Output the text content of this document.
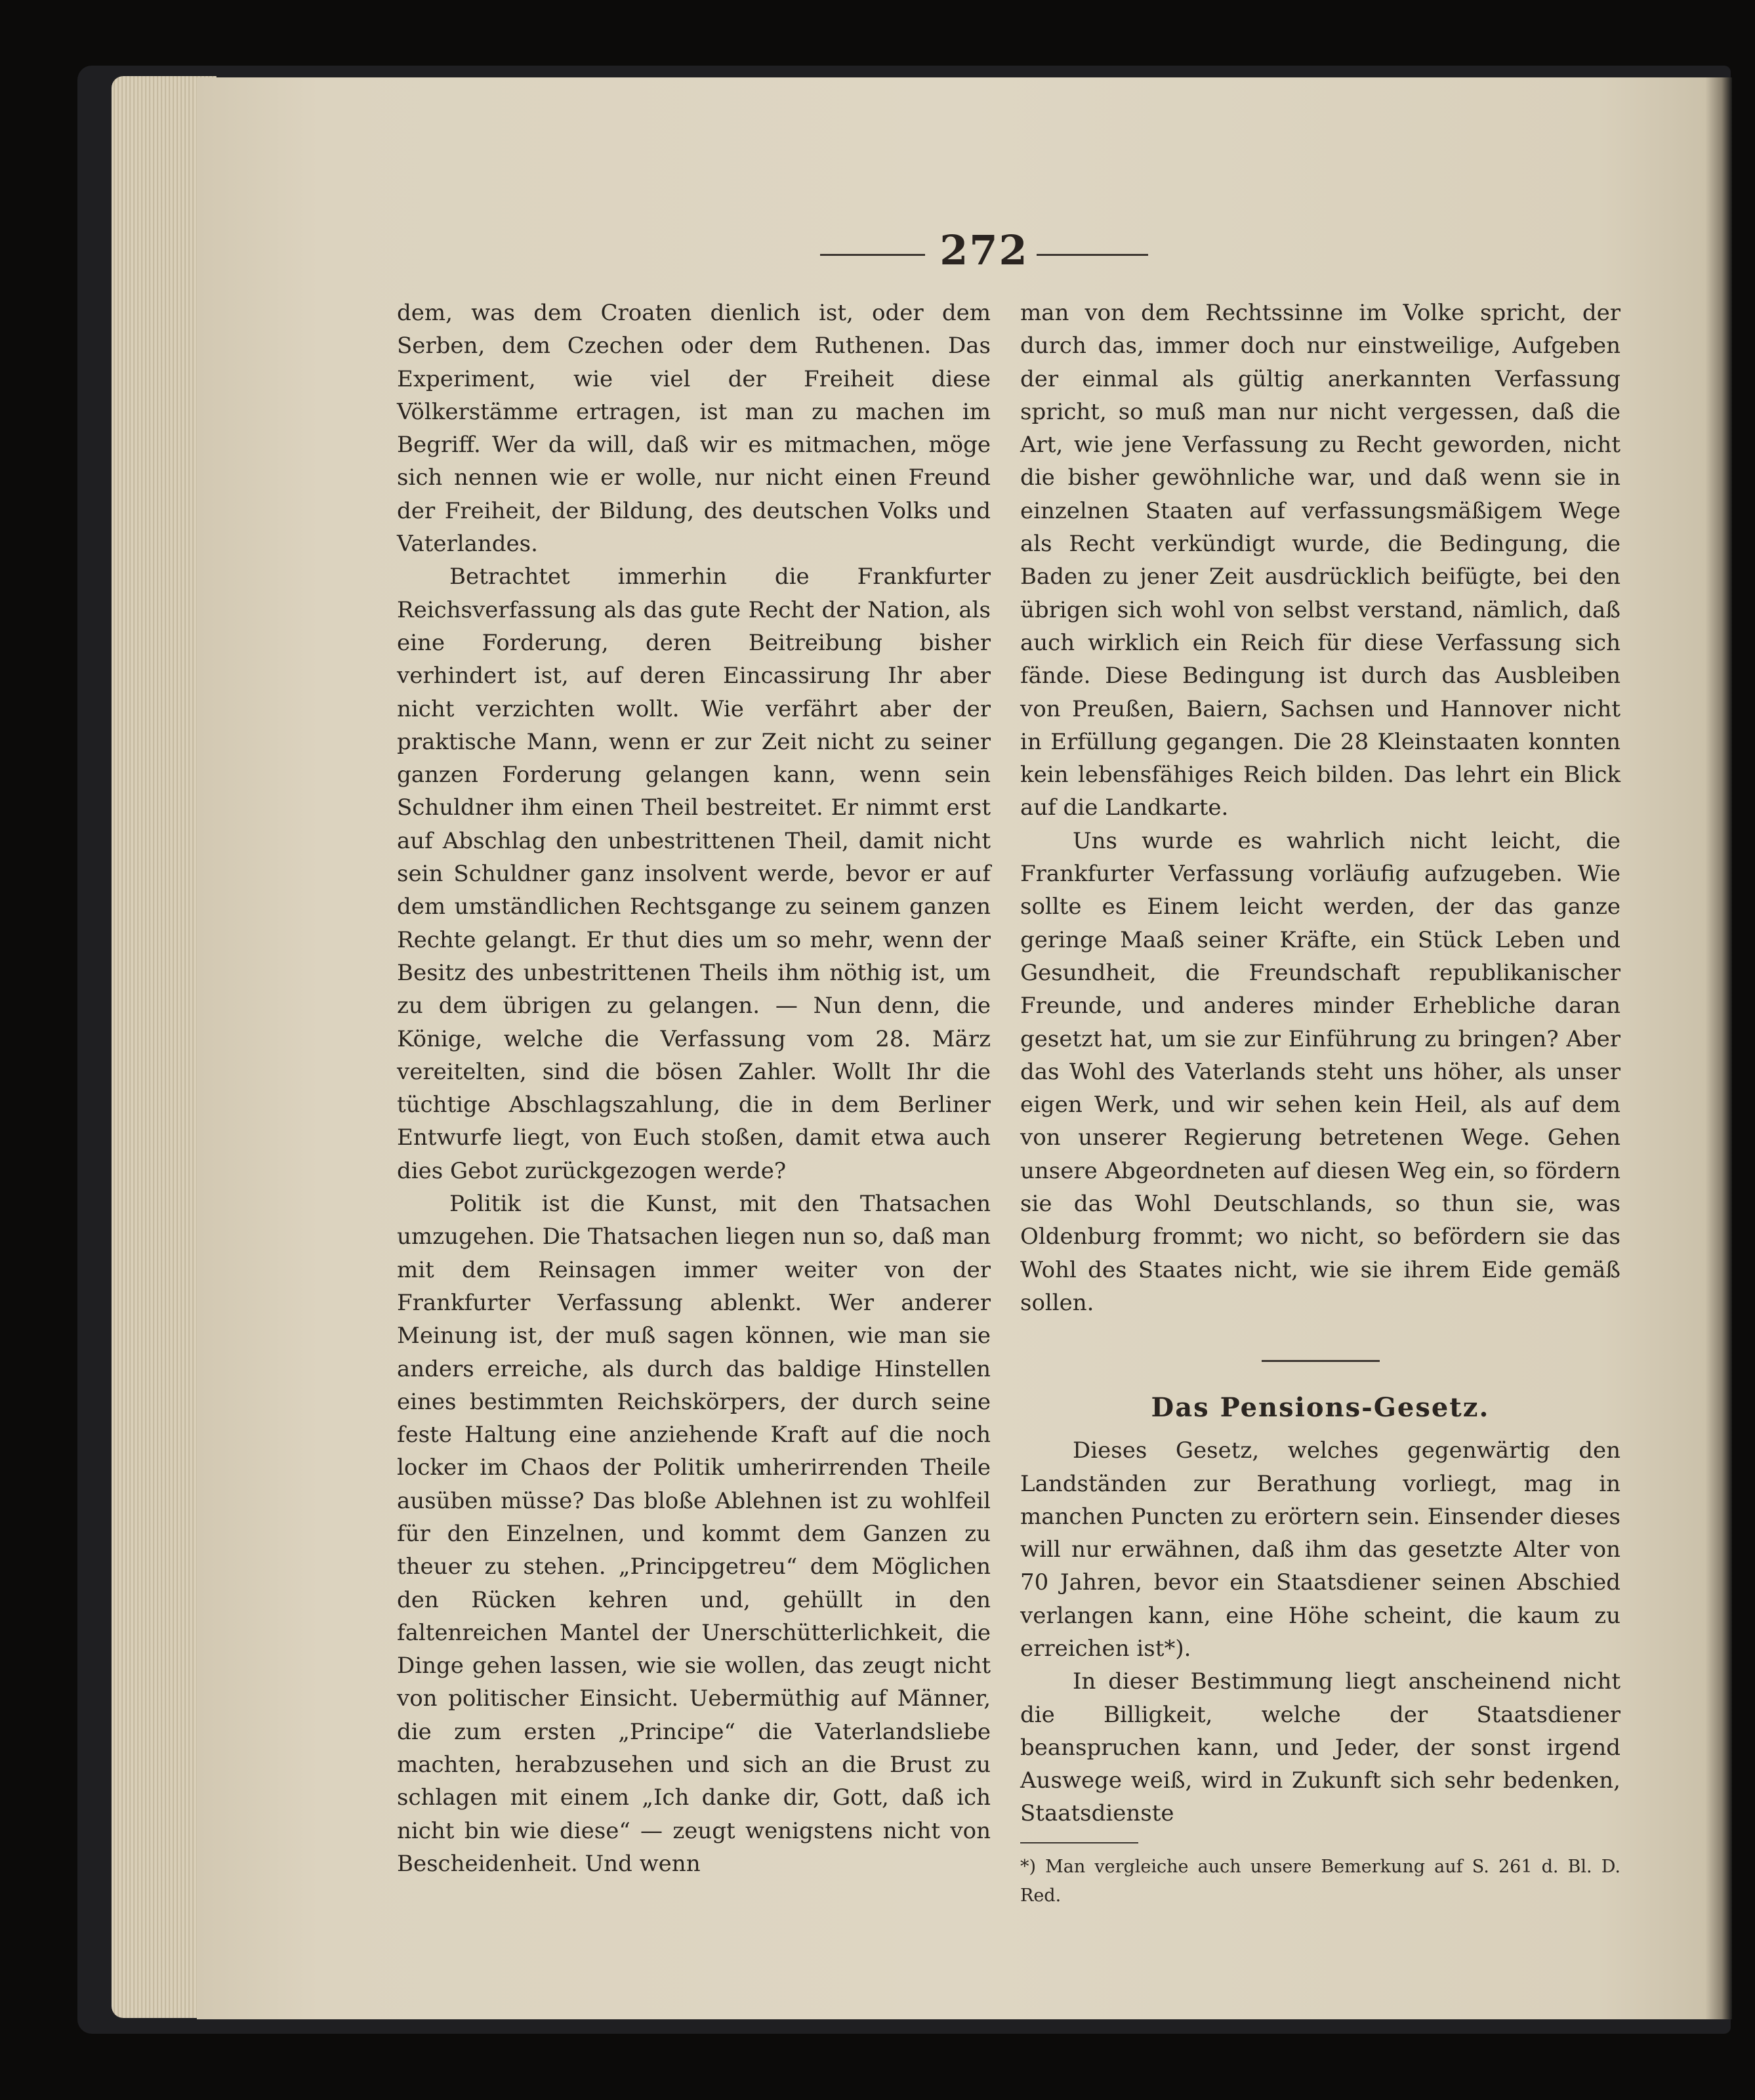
272

dem, was dem Croaten dienlich ist, oder dem Serben, dem Czechen oder dem Ruthenen. Das Experiment, wie viel der Freiheit diese Völkerstämme ertragen, ist man zu machen im Begriff. Wer da will, daß wir es mitmachen, möge sich nennen wie er wolle, nur nicht einen Freund der Freiheit, der Bildung, des deutschen Volks und Vaterlandes.

Betrachtet immerhin die Frankfurter Reichsverfassung als das gute Recht der Nation, als eine Forderung, deren Beitreibung bisher verhindert ist, auf deren Eincassirung Ihr aber nicht verzichten wollt. Wie verfährt aber der praktische Mann, wenn er zur Zeit nicht zu seiner ganzen Forderung gelangen kann, wenn sein Schuldner ihm einen Theil bestreitet. Er nimmt erst auf Abschlag den unbestrittenen Theil, damit nicht sein Schuldner ganz insolvent werde, bevor er auf dem umständlichen Rechtsgange zu seinem ganzen Rechte gelangt. Er thut dies um so mehr, wenn der Besitz des unbestrittenen Theils ihm nöthig ist, um zu dem übrigen zu gelangen. — Nun denn, die Könige, welche die Verfassung vom 28. März vereitelten, sind die bösen Zahler. Wollt Ihr die tüchtige Abschlagszahlung, die in dem Berliner Entwurfe liegt, von Euch stoßen, damit etwa auch dies Gebot zurückgezogen werde?

Politik ist die Kunst, mit den Thatsachen umzugehen. Die Thatsachen liegen nun so, daß man mit dem Reinsagen immer weiter von der Frankfurter Verfassung ablenkt. Wer anderer Meinung ist, der muß sagen können, wie man sie anders erreiche, als durch das baldige Hinstellen eines bestimmten Reichskörpers, der durch seine feste Haltung eine anziehende Kraft auf die noch locker im Chaos der Politik umherirrenden Theile ausüben müsse? Das bloße Ablehnen ist zu wohlfeil für den Einzelnen, und kommt dem Ganzen zu theuer zu stehen. „Principgetreu“ dem Möglichen den Rücken kehren und, gehüllt in den faltenreichen Mantel der Unerschütterlichkeit, die Dinge gehen lassen, wie sie wollen, das zeugt nicht von politischer Einsicht. Uebermüthig auf Männer, die zum ersten „Principe“ die Vaterlandsliebe machten, herabzusehen und sich an die Brust zu schlagen mit einem „Ich danke dir, Gott, daß ich nicht bin wie diese“ — zeugt wenigstens nicht von Bescheidenheit. Und wenn

man von dem Rechtssinne im Volke spricht, der durch das, immer doch nur einstweilige, Aufgeben der einmal als gültig anerkannten Verfassung spricht, so muß man nur nicht vergessen, daß die Art, wie jene Verfassung zu Recht geworden, nicht die bisher gewöhnliche war, und daß wenn sie in einzelnen Staaten auf verfassungsmäßigem Wege als Recht verkündigt wurde, die Bedingung, die Baden zu jener Zeit ausdrücklich beifügte, bei den übrigen sich wohl von selbst verstand, nämlich, daß auch wirklich ein Reich für diese Verfassung sich fände. Diese Bedingung ist durch das Ausbleiben von Preußen, Baiern, Sachsen und Hannover nicht in Erfüllung gegangen. Die 28 Kleinstaaten konnten kein lebensfähiges Reich bilden. Das lehrt ein Blick auf die Landkarte.

Uns wurde es wahrlich nicht leicht, die Frankfurter Verfassung vorläufig aufzugeben. Wie sollte es Einem leicht werden, der das ganze geringe Maaß seiner Kräfte, ein Stück Leben und Gesundheit, die Freundschaft republikanischer Freunde, und anderes minder Erhebliche daran gesetzt hat, um sie zur Einführung zu bringen? Aber das Wohl des Vaterlands steht uns höher, als unser eigen Werk, und wir sehen kein Heil, als auf dem von unserer Regierung betretenen Wege. Gehen unsere Abgeordneten auf diesen Weg ein, so fördern sie das Wohl Deutschlands, so thun sie, was Oldenburg frommt; wo nicht, so befördern sie das Wohl des Staates nicht, wie sie ihrem Eide gemäß sollen.

Das Pensions-Gesetz.

Dieses Gesetz, welches gegenwärtig den Landständen zur Berathung vorliegt, mag in manchen Puncten zu erörtern sein. Einsender dieses will nur erwähnen, daß ihm das gesetzte Alter von 70 Jahren, bevor ein Staatsdiener seinen Abschied verlangen kann, eine Höhe scheint, die kaum zu erreichen ist*).

In dieser Bestimmung liegt anscheinend nicht die Billigkeit, welche der Staatsdiener beanspruchen kann, und Jeder, der sonst irgend Auswege weiß, wird in Zukunft sich sehr bedenken, Staatsdienste

*) Man vergleiche auch unsere Bemerkung auf S. 261 d. Bl. D. Red.
